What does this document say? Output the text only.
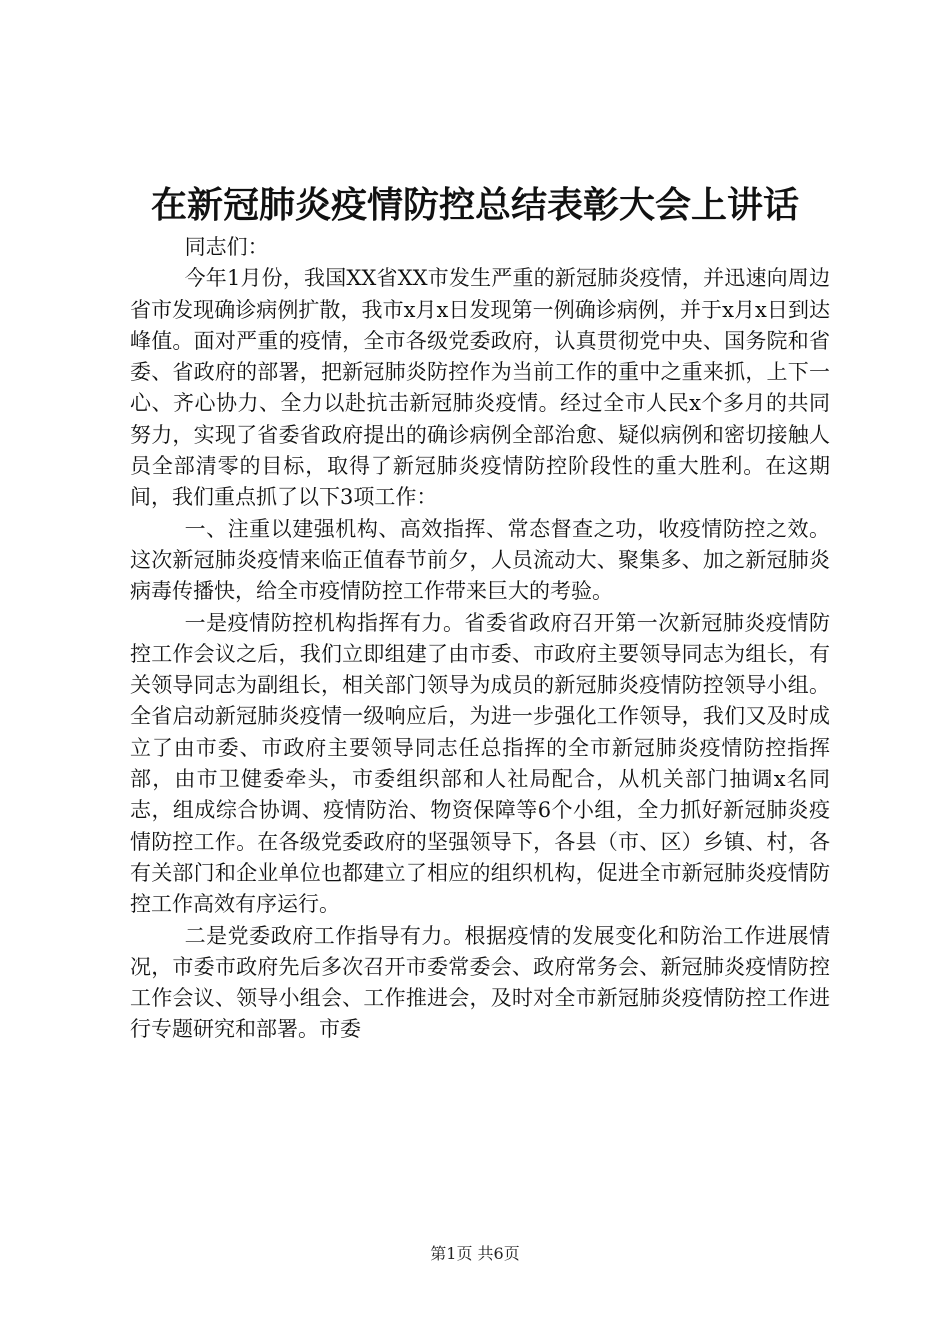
在新冠肺炎疫情防控总结表彰大会上讲话

同志们：

今年1月份，我国XX省XX市发生严重的新冠肺炎疫情，并迅速向周边省市发现确诊病例扩散，我市x月x日发现第一例确诊病例，并于x月x日到达峰值。面对严重的疫情，全市各级党委政府，认真贯彻党中央、国务院和省委、省政府的部署，把新冠肺炎防控作为当前工作的重中之重来抓，上下一心、齐心协力、全力以赴抗击新冠肺炎疫情。经过全市人民x个多月的共同努力，实现了省委省政府提出的确诊病例全部治愈、疑似病例和密切接触人员全部清零的目标，取得了新冠肺炎疫情防控阶段性的重大胜利。在这期间，我们重点抓了以下3项工作：

一、注重以建强机构、高效指挥、常态督查之功，收疫情防控之效。这次新冠肺炎疫情来临正值春节前夕，人员流动大、聚集多、加之新冠肺炎病毒传播快，给全市疫情防控工作带来巨大的考验。

一是疫情防控机构指挥有力。省委省政府召开第一次新冠肺炎疫情防控工作会议之后，我们立即组建了由市委、市政府主要领导同志为组长，有关领导同志为副组长，相关部门领导为成员的新冠肺炎疫情防控领导小组。全省启动新冠肺炎疫情一级响应后，为进一步强化工作领导，我们又及时成立了由市委、市政府主要领导同志任总指挥的全市新冠肺炎疫情防控指挥部，由市卫健委牵头，市委组织部和人社局配合，从机关部门抽调x名同志，组成综合协调、疫情防治、物资保障等6个小组，全力抓好新冠肺炎疫情防控工作。在各级党委政府的坚强领导下，各县（市、区）乡镇、村，各有关部门和企业单位也都建立了相应的组织机构，促进全市新冠肺炎疫情防控工作高效有序运行。

二是党委政府工作指导有力。根据疫情的发展变化和防治工作进展情况，市委市政府先后多次召开市委常委会、政府常务会、新冠肺炎疫情防控工作会议、领导小组会、工作推进会，及时对全市新冠肺炎疫情防控工作进行专题研究和部署。市委

第1页 共6页
